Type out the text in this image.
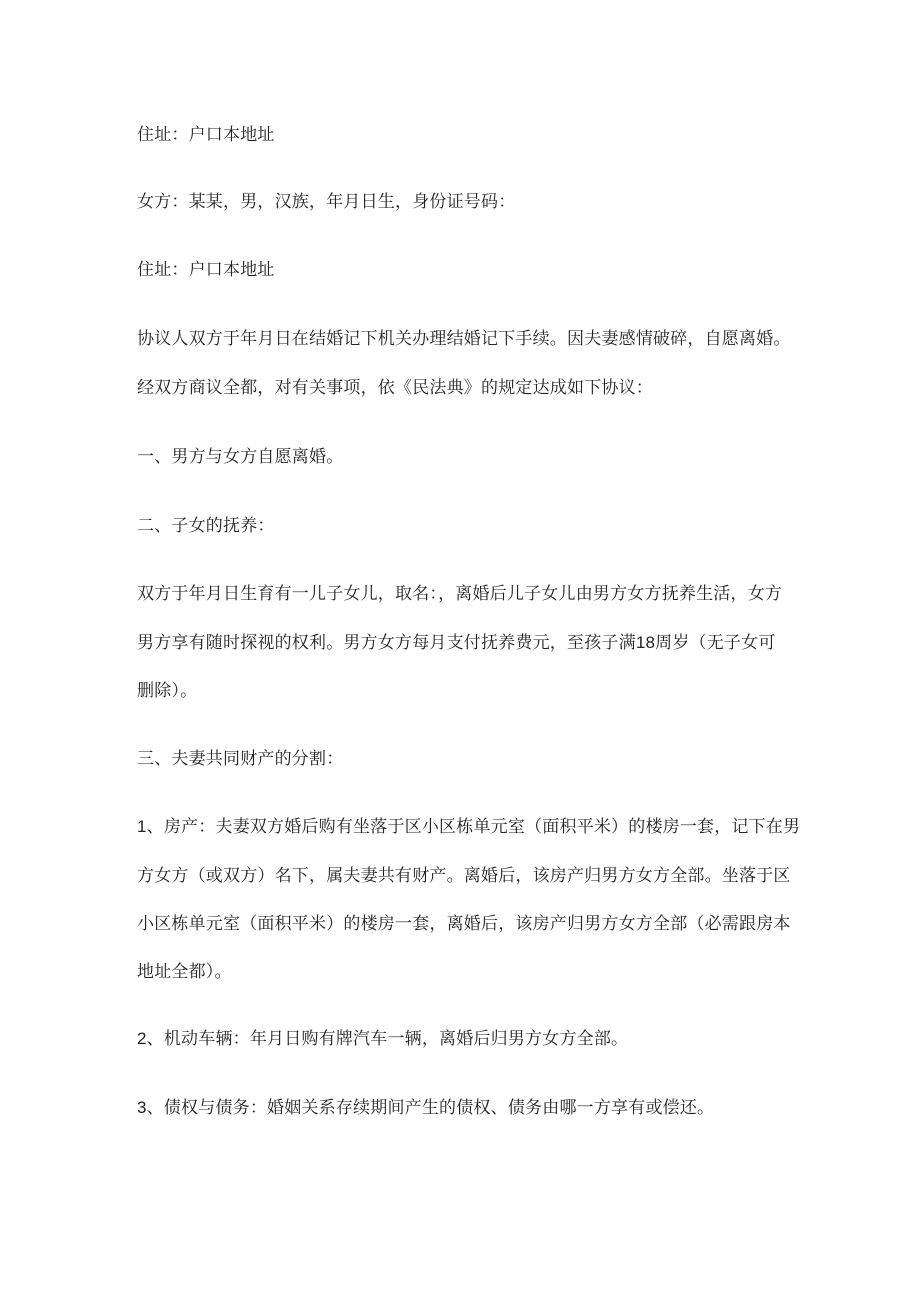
住址：户口本地址

女方：某某，男，汉族，年月日生，身份证号码：

住址：户口本地址

协议人双方于年月日在结婚记下机关办理结婚记下手续。因夫妻感情破碎，自愿离婚。

经双方商议全都，对有关事项，依《民法典》的规定达成如下协议：

一、男方与女方自愿离婚。

二、子女的抚养：

双方于年月日生育有一儿子女儿，取名：，离婚后儿子女儿由男方女方抚养生活，女方

男方享有随时探视的权利。男方女方每月支付抚养费元，至孩子满18周岁（无子女可

删除）。

三、夫妻共同财产的分割：

1、房产：夫妻双方婚后购有坐落于区小区栋单元室（面积平米）的楼房一套，记下在男

方女方（或双方）名下，属夫妻共有财产。离婚后，该房产归男方女方全部。坐落于区

小区栋单元室（面积平米）的楼房一套，离婚后，该房产归男方女方全部（必需跟房本

地址全都）。

2、机动车辆：年月日购有牌汽车一辆，离婚后归男方女方全部。

3、债权与债务：婚姻关系存续期间产生的债权、债务由哪一方享有或偿还。
